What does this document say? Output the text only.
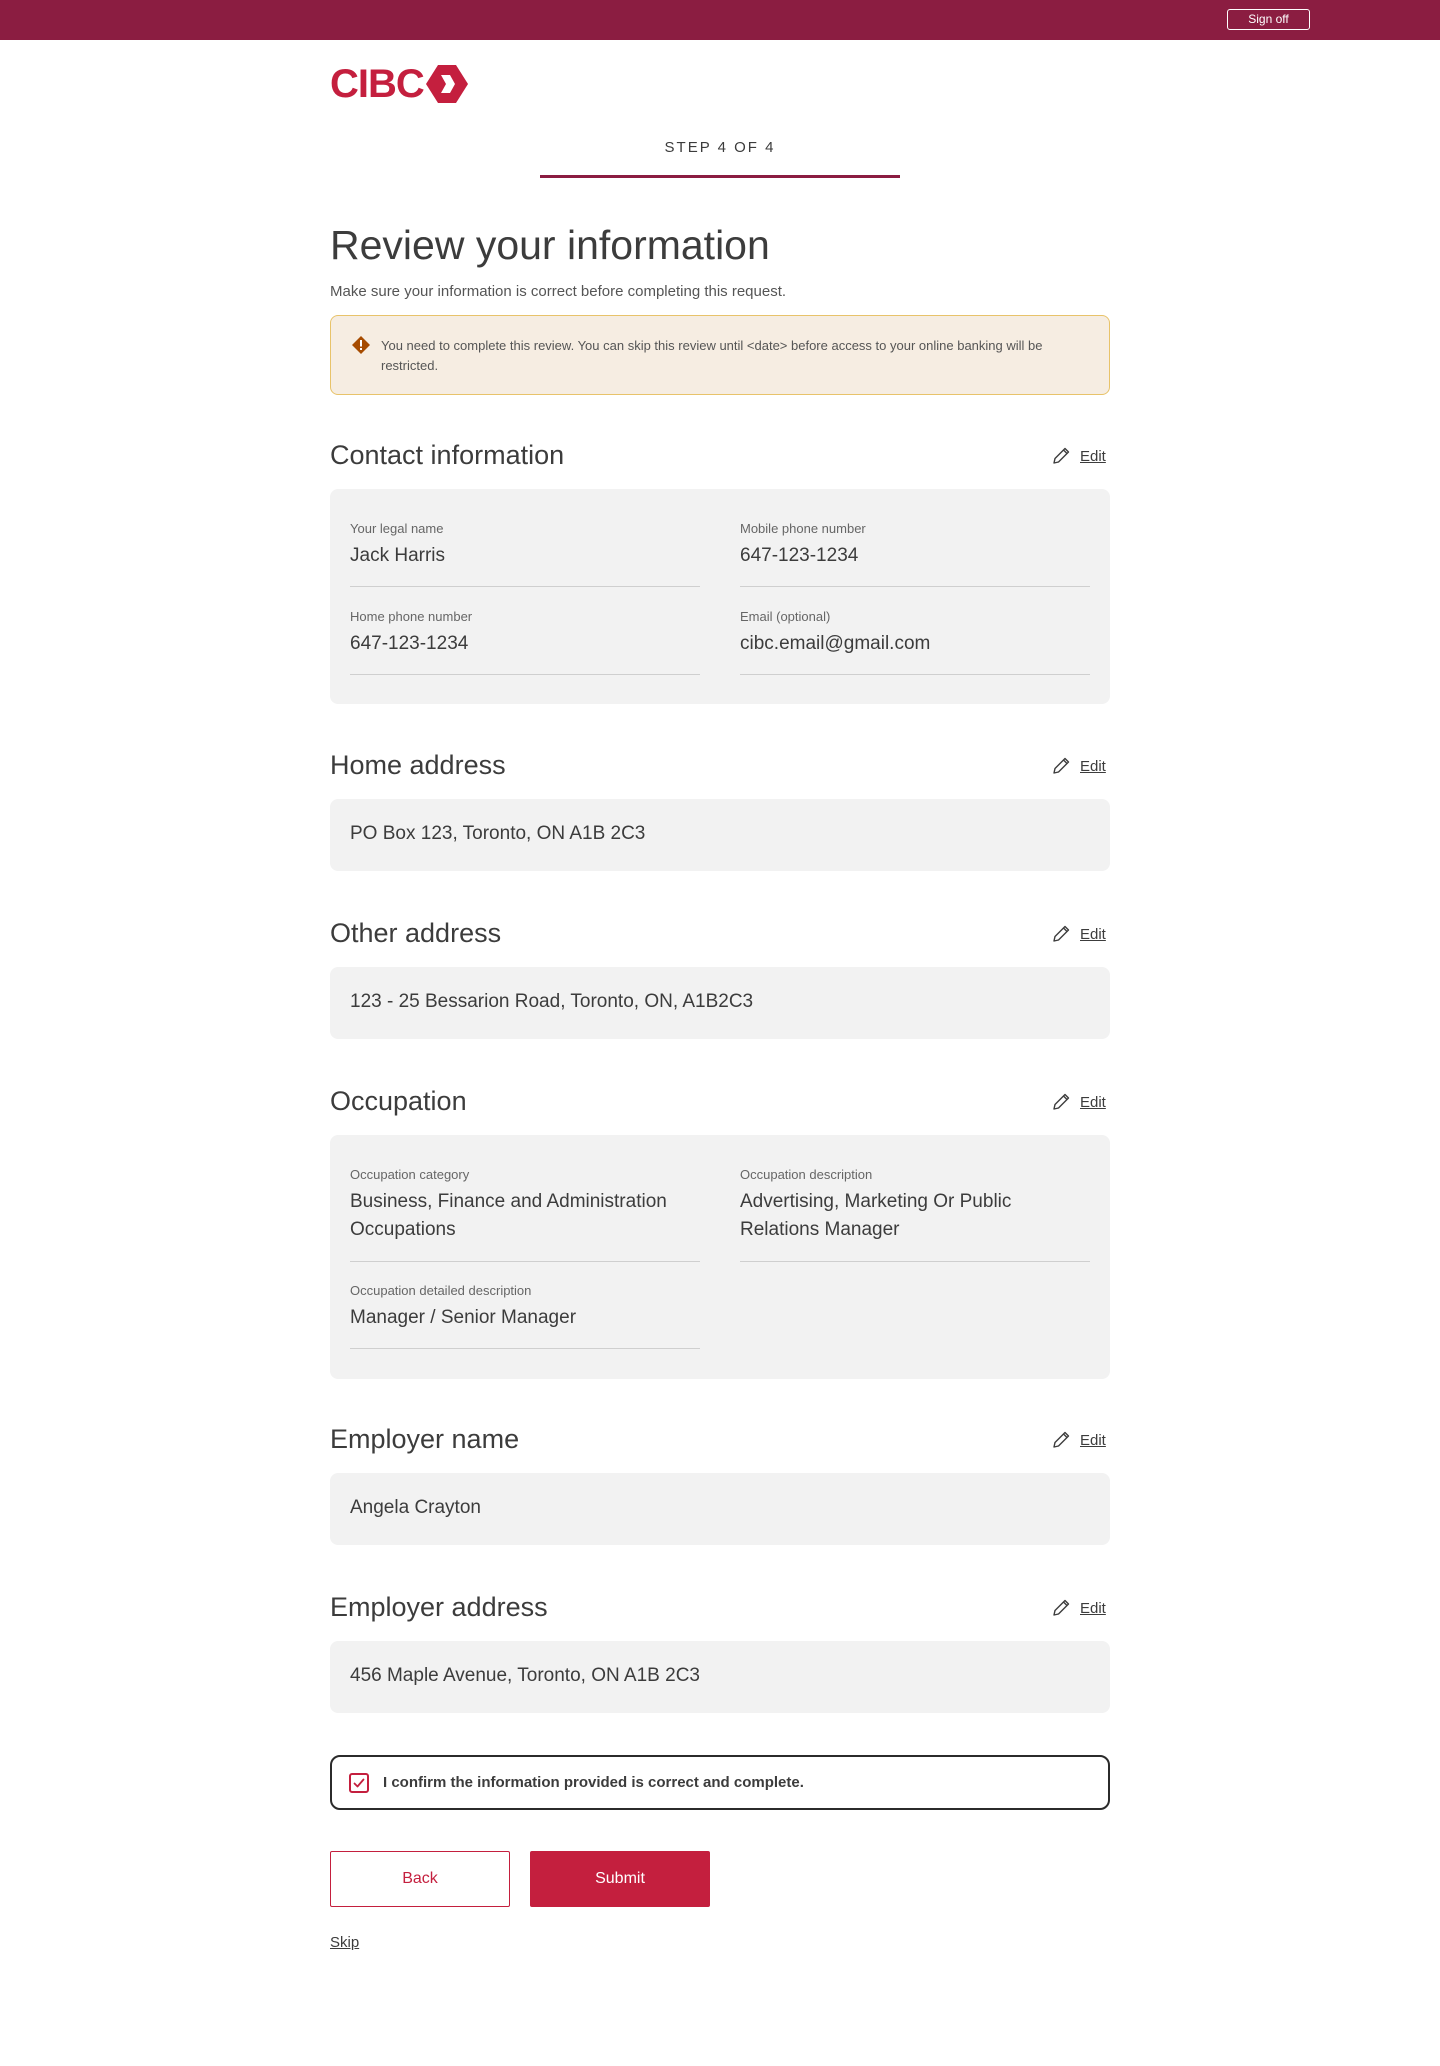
Sign off
CIBC
STEP 4 OF 4
Review your information

Make sure your information is correct before completing this request.

You need to complete this review. You can skip this review until <date> before access to your online banking will be restricted.
Contact information	Edit
Your legal name
Jack Harris
Mobile phone number
647-123-1234
Home phone number
647-123-1234
Email (optional)
cibc.email@gmail.com
Home address	Edit
PO Box 123, Toronto, ON A1B 2C3
Other address	Edit
123 - 25 Bessarion Road, Toronto, ON, A1B2C3
Occupation	Edit
Occupation category
Business, Finance and Administration Occupations
Occupation description
Advertising, Marketing Or Public Relations Manager
Occupation detailed description
Manager / Senior Manager
Employer name	Edit
Angela Crayton
Employer address	Edit
456 Maple Avenue, Toronto, ON A1B 2C3
I confirm the information provided is correct and complete.
Back	Submit
Skip
